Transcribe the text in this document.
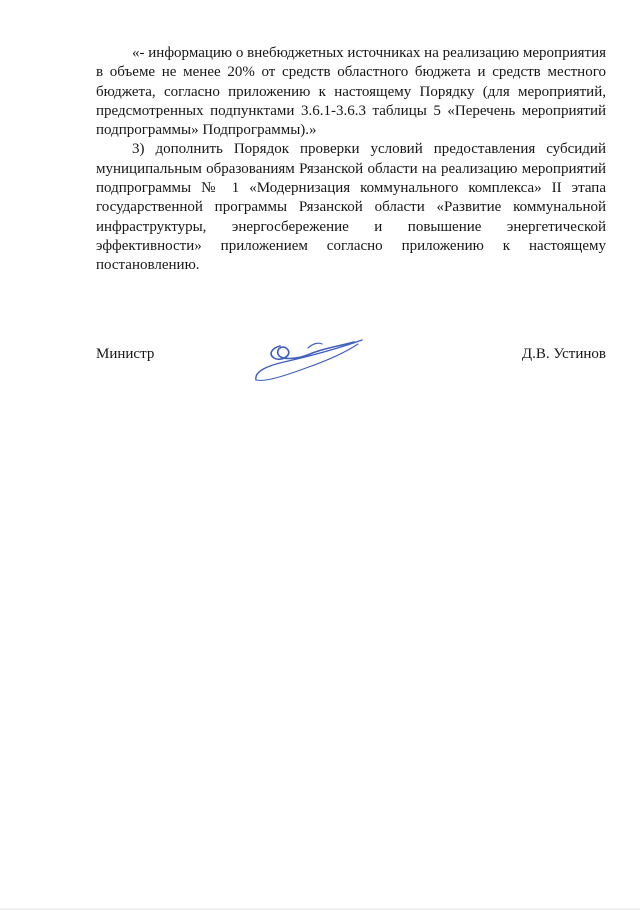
«- информацию о внебюджетных источниках на реализацию мероприятия в объеме не менее 20% от средств областного бюджета и средств местного бюджета, согласно приложению к настоящему Порядку (для мероприятий, предсмотренных подпунктами 3.6.1-3.6.3 таблицы 5 «Перечень мероприятий подпрограммы» Подпрограммы).»

3) дополнить Порядок проверки условий предоставления субсидий муниципальным образованиям Рязанской области на реализацию мероприятий подпрограммы № 1 «Модернизация коммунального комплекса» II этапа государственной программы Рязанской области «Развитие коммунальной инфраструктуры, энергосбережение и повышение энергетической эффективности» приложением согласно приложению к настоящему постановлению.

Министр	Д.В. Устинов
